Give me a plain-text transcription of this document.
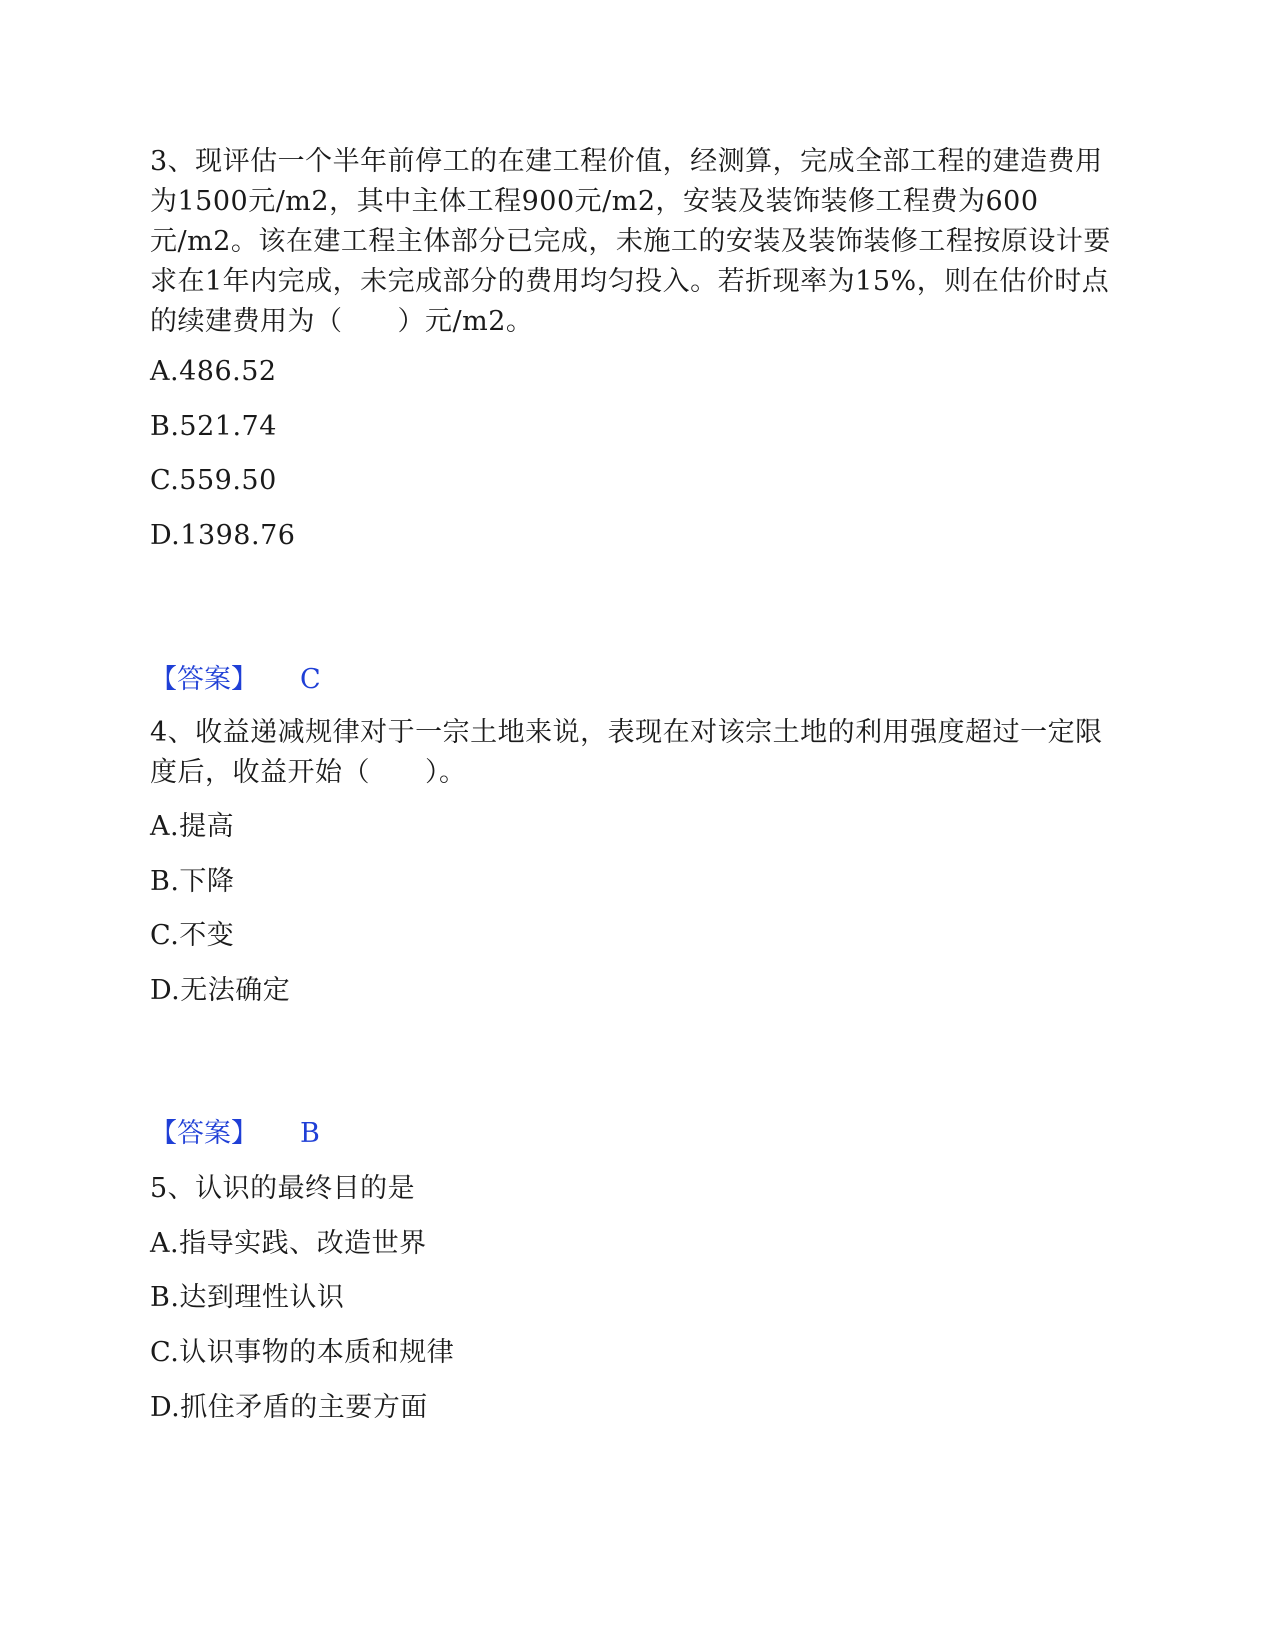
3、现评估一个半年前停工的在建工程价值，经测算，完成全部工程的建造费用为1500元/m2，其中主体工程900元/m2，安装及装饰装修工程费为600元/m2。该在建工程主体部分已完成，未施工的安装及装饰装修工程按原设计要求在1年内完成，未完成部分的费用均匀投入。若折现率为15%，则在估价时点的续建费用为（　　）元/m2。

A.486.52

B.521.74

C.559.50

D.1398.76

【答案】 C

4、收益递减规律对于一宗土地来说，表现在对该宗土地的利用强度超过一定限度后，收益开始（　　）。

A.提高

B.下降

C.不变

D.无法确定

【答案】 B

5、认识的最终目的是

A.指导实践、改造世界

B.达到理性认识

C.认识事物的本质和规律

D.抓住矛盾的主要方面
